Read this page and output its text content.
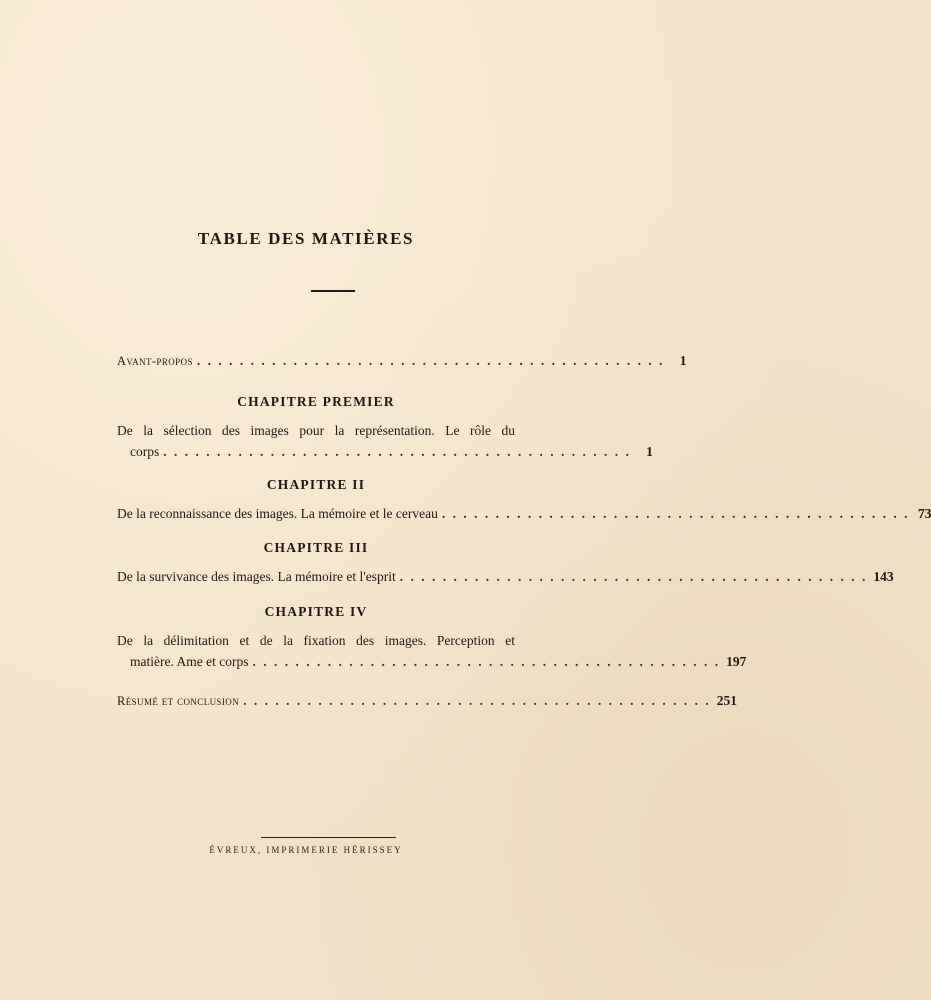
TABLE DES MATIÈRES
Avant-propos . . . . . . . . . . . . . . . . . . . . . . . . . . . . . . . . . . . . . . . . . . . .	1
CHAPITRE PREMIER
De la sélection des images pour la représentation. Le rôle du
corps . . . . . . . . . . . . . . . . . . . . . . . . . . . . . . . . . . . . . . . . . . . .	1
CHAPITRE II
De la reconnaissance des images. La mémoire et le cerveau . . . . . . . . . . . . . . . . . . . . . . . . . . . . . . . . . . . . . . . . . . . . 73
CHAPITRE III
De la survivance des images. La mémoire et l'esprit . . . . . . . . . . . . . . . . . . . . . . . . . . . . . . . . . . . . . . . . . . . . 143
CHAPITRE IV
De la délimitation et de la fixation des images. Perception et
matière. Ame et corps . . . . . . . . . . . . . . . . . . . . . . . . . . . . . . . . . . . . . . . . . . . . 197
Résumé et conclusion . . . . . . . . . . . . . . . . . . . . . . . . . . . . . . . . . . . . . . . . . . . . 251
ÉVREUX, IMPRIMERIE HÉRISSEY
